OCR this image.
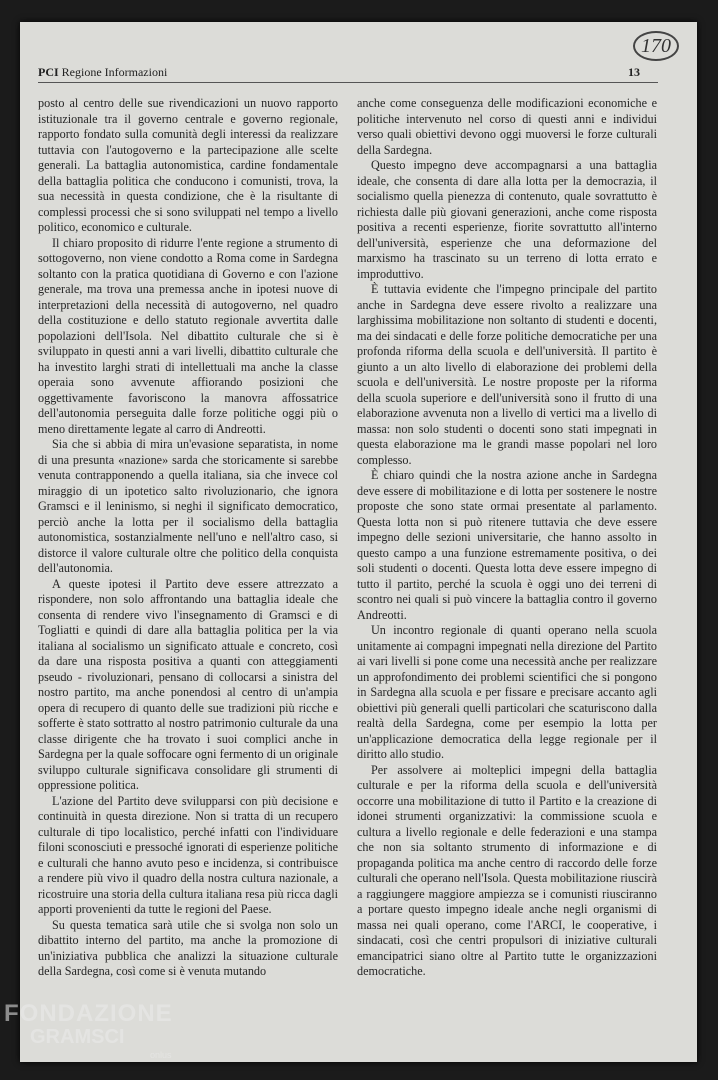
170
PCI Regione Informazioni	13

posto al centro delle sue rivendicazioni un nuovo rapporto istituzionale tra il governo centrale e governo regionale, rapporto fondato sulla comunità degli interessi da realizzare tuttavia con l'autogoverno e la partecipazione alle scelte generali. La battaglia autonomistica, cardine fondamentale della battaglia politica che conducono i comunisti, trova, la sua necessità in questa condizione, che è la risultante di complessi processi che si sono sviluppati nel tempo a livello politico, economico e culturale.

Il chiaro proposito di ridurre l'ente regione a strumento di sottogoverno, non viene condotto a Roma come in Sardegna soltanto con la pratica quotidiana di Governo e con l'azione generale, ma trova una premessa anche in ipotesi nuove di interpretazioni della necessità di autogoverno, nel quadro della costituzione e dello statuto regionale avvertita dalle popolazioni dell'Isola. Nel dibattito culturale che si è sviluppato in questi anni a vari livelli, dibattito culturale che ha investito larghi strati di intellettuali ma anche la classe operaia sono avvenute affiorando posizioni che oggettivamente favoriscono la manovra affossatrice dell'autonomia perseguita dalle forze politiche oggi più o meno direttamente legate al carro di Andreotti.

Sia che si abbia di mira un'evasione separatista, in nome di una presunta «nazione» sarda che storicamente si sarebbe venuta contrapponendo a quella italiana, sia che invece col miraggio di un ipotetico salto rivoluzionario, che ignora Gramsci e il leninismo, si neghi il significato democratico, perciò anche la lotta per il socialismo della battaglia autonomistica, sostanzialmente nell'uno e nell'altro caso, si distorce il valore culturale oltre che politico della conquista dell'autonomia.

A queste ipotesi il Partito deve essere attrezzato a rispondere, non solo affrontando una battaglia ideale che consenta di rendere vivo l'insegnamento di Gramsci e di Togliatti e quindi di dare alla battaglia politica per la via italiana al socialismo un significato attuale e concreto, così da dare una risposta positiva a quanti con atteggiamenti pseudo - rivoluzionari, pensano di collocarsi a sinistra del nostro partito, ma anche ponendosi al centro di un'ampia opera di recupero di quanto delle sue tradizioni più ricche e sofferte è stato sottratto al nostro patrimonio culturale da una classe dirigente che ha trovato i suoi complici anche in Sardegna per la quale soffocare ogni fermento di un originale sviluppo culturale significava consolidare gli strumenti di oppressione politica.

L'azione del Partito deve svilupparsi con più decisione e continuità in questa direzione. Non si tratta di un recupero culturale di tipo localistico, perché infatti con l'individuare filoni sconosciuti e pressoché ignorati di esperienze politiche e culturali che hanno avuto peso e incidenza, si contribuisce a rendere più vivo il quadro della nostra cultura nazionale, a ricostruire una storia della cultura italiana resa più ricca dagli apporti provenienti da tutte le regioni del Paese.

Su questa tematica sarà utile che si svolga non solo un dibattito interno del partito, ma anche la promozione di un'iniziativa pubblica che analizzi la situazione culturale della Sardegna, così come si è venuta mutando

anche come conseguenza delle modificazioni economiche e politiche intervenuto nel corso di questi anni e individui verso quali obiettivi devono oggi muoversi le forze culturali della Sardegna.

Questo impegno deve accompagnarsi a una battaglia ideale, che consenta di dare alla lotta per la democrazia, il socialismo quella pienezza di contenuto, quale sovrattutto è richiesta dalle più giovani generazioni, anche come risposta positiva a recenti esperienze, fiorite sovrattutto all'interno dell'università, esperienze che una deformazione del marxismo ha trascinato su un terreno di lotta errato e improduttivo.

È tuttavia evidente che l'impegno principale del partito anche in Sardegna deve essere rivolto a realizzare una larghissima mobilitazione non soltanto di studenti e docenti, ma dei sindacati e delle forze politiche democratiche per una profonda riforma della scuola e dell'università. Il partito è giunto a un alto livello di elaborazione dei problemi della scuola e dell'università. Le nostre proposte per la riforma della scuola superiore e dell'università sono il frutto di una elaborazione avvenuta non a livello di vertici ma a livello di massa: non solo studenti o docenti sono stati impegnati in questa elaborazione ma le grandi masse popolari nel loro complesso.

È chiaro quindi che la nostra azione anche in Sardegna deve essere di mobilitazione e di lotta per sostenere le nostre proposte che sono state ormai presentate al parlamento. Questa lotta non si può ritenere tuttavia che deve essere impegno delle sezioni universitarie, che hanno assolto in questo campo a una funzione estremamente positiva, o dei soli studenti o docenti. Questa lotta deve essere impegno di tutto il partito, perché la scuola è oggi uno dei terreni di scontro nei quali si può vincere la battaglia contro il governo Andreotti.

Un incontro regionale di quanti operano nella scuola unitamente ai compagni impegnati nella direzione del Partito ai vari livelli si pone come una necessità anche per realizzare un approfondimento dei problemi scientifici che si pongono in Sardegna alla scuola e per fissare e precisare accanto agli obiettivi più generali quelli particolari che scaturiscono dalla realtà della Sardegna, come per esempio la lotta per un'applicazione democratica della legge regionale per il diritto allo studio.

Per assolvere ai molteplici impegni della battaglia culturale e per la riforma della scuola e dell'università occorre una mobilitazione di tutto il Partito e la creazione di idonei strumenti organizzativi: la commissione scuola e cultura a livello regionale e delle federazioni e una stampa che non sia soltanto strumento di informazione e di propaganda politica ma anche centro di raccordo delle forze culturali che operano nell'Isola. Questa mobilitazione riuscirà a raggiungere maggiore ampiezza se i comunisti riusciranno a portare questo impegno ideale anche negli organismi di massa nei quali operano, come l'ARCI, le cooperative, i sindacati, così che centri propulsori di iniziative culturali emancipatrici siano oltre al Partito tutte le organizzazioni democratiche.

FONDAZIONE
GRAMSCI
onlus
